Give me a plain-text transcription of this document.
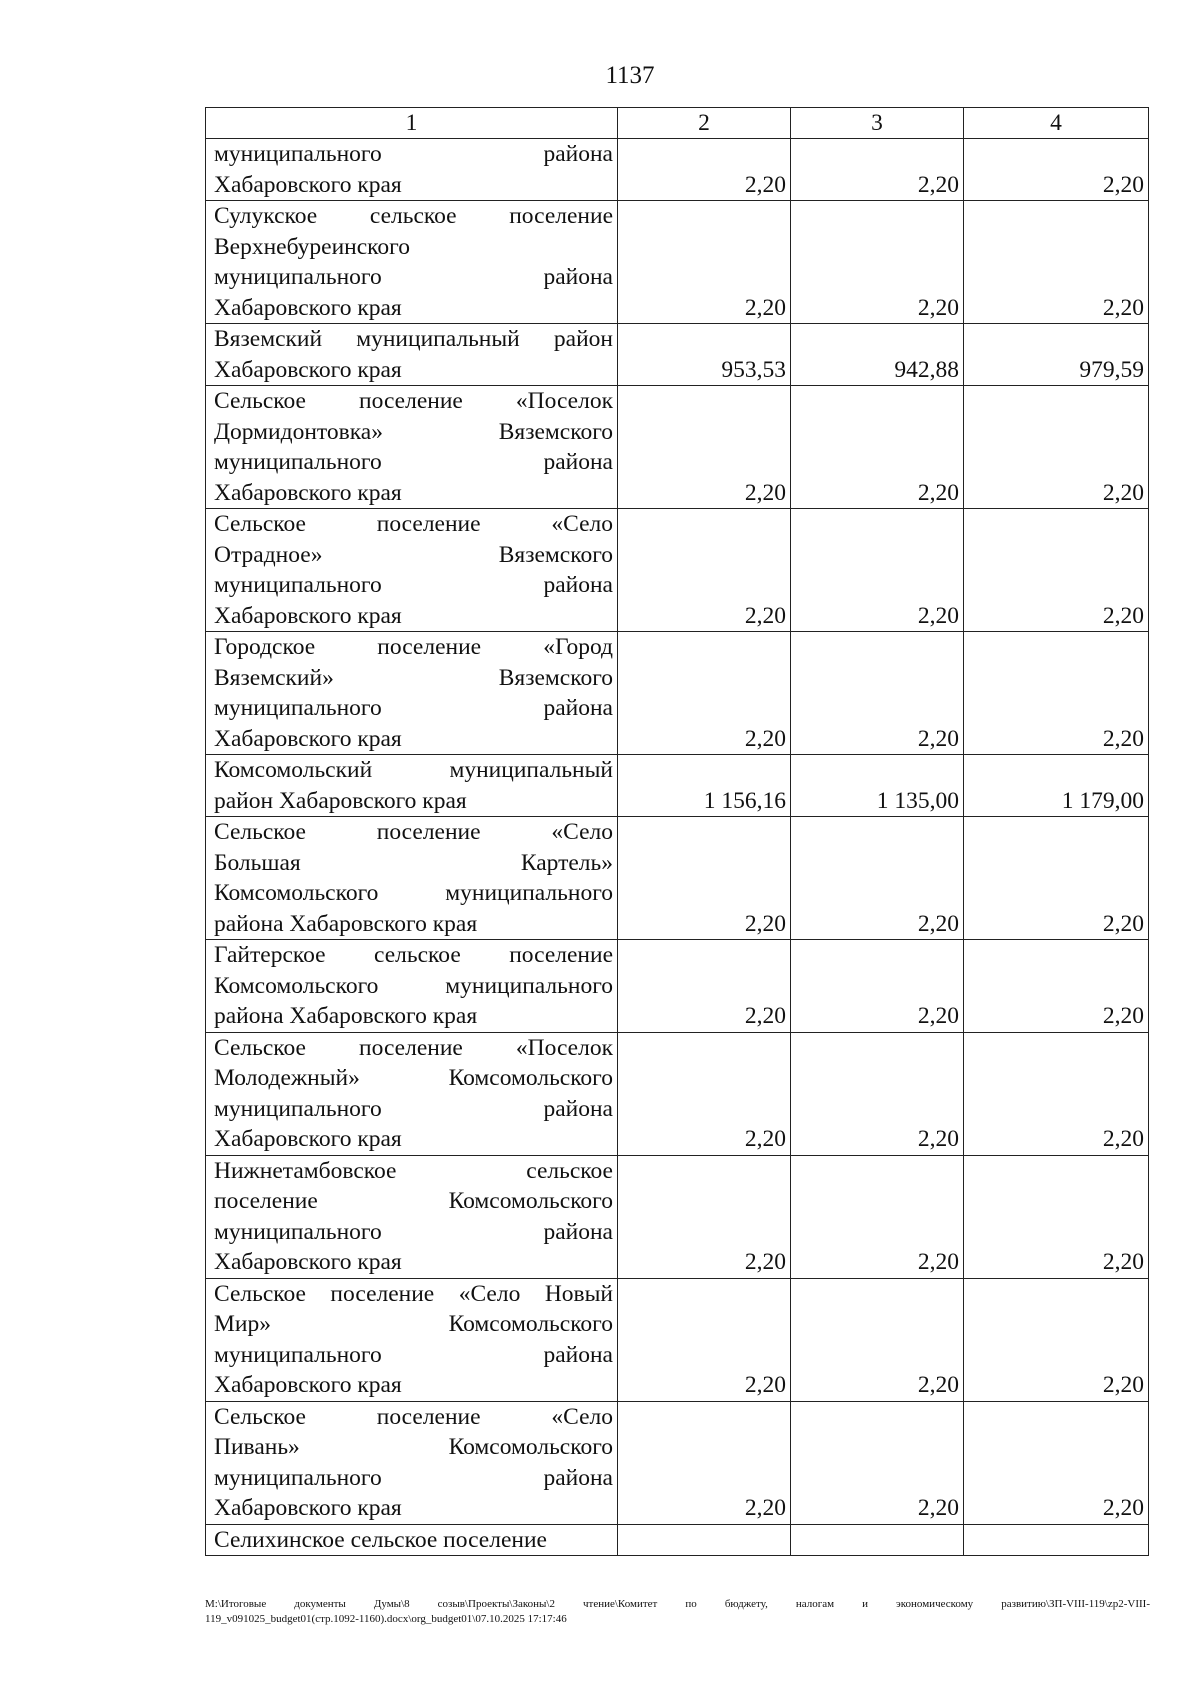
1137
1	2	3	4

муниципального района
Хабаровского края	2,20	2,20	2,20

Сулукское сельское поселение
Верхнебуреинского
муниципального района
Хабаровского края	2,20	2,20	2,20

Вяземский муниципальный район
Хабаровского края	953,53	942,88	979,59

Сельское поселение «Поселок
Дормидонтовка» Вяземского
муниципального района
Хабаровского края	2,20	2,20	2,20

Сельское поселение «Село
Отрадное» Вяземского
муниципального района
Хабаровского края	2,20	2,20	2,20

Городское поселение «Город
Вяземский» Вяземского
муниципального района
Хабаровского края	2,20	2,20	2,20

Комсомольский муниципальный
район Хабаровского края	1 156,16	1 135,00	1 179,00

Сельское поселение «Село
Большая Картель»
Комсомольского муниципального
района Хабаровского края	2,20	2,20	2,20

Гайтерское сельское поселение
Комсомольского муниципального
района Хабаровского края	2,20	2,20	2,20

Сельское поселение «Поселок
Молодежный» Комсомольского
муниципального района
Хабаровского края	2,20	2,20	2,20

Нижнетамбовское сельское
поселение Комсомольского
муниципального района
Хабаровского края	2,20	2,20	2,20

Сельское поселение «Село Новый
Мир» Комсомольского
муниципального района
Хабаровского края	2,20	2,20	2,20

Сельское поселение «Село
Пивань» Комсомольского
муниципального района
Хабаровского края	2,20	2,20	2,20

Селихинское сельское поселение			

M:\Итоговые документы Думы\8 созыв\Проекты\Законы\2 чтение\Комитет по бюджету, налогам и экономическому развитию\ЗП-VIII-119\zp2-VIII-
119_v091025_budget01(стр.1092-1160).docx\org_budget01\07.10.2025 17:17:46
